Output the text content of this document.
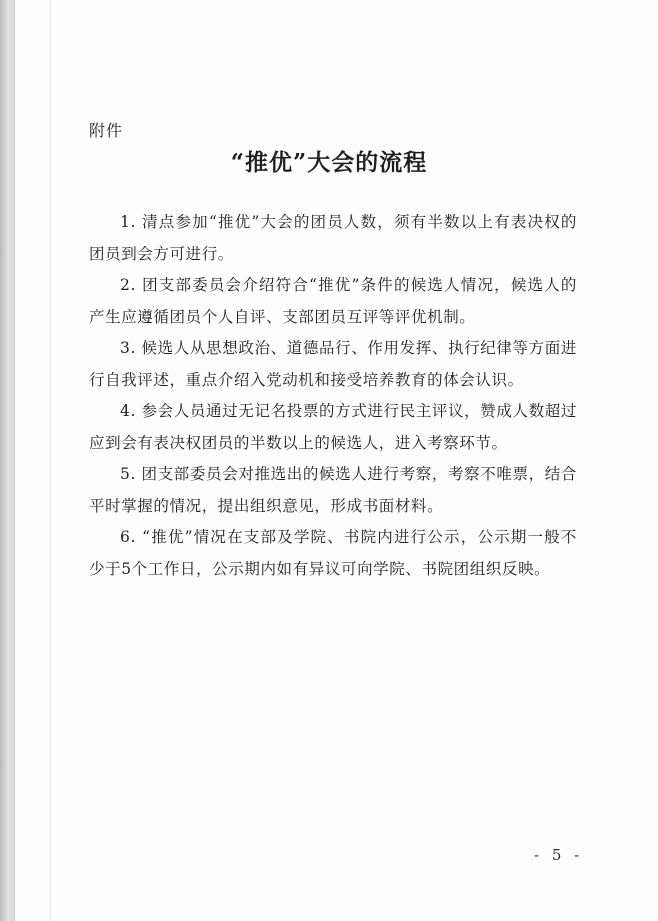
附件
“推优”大会的流程

1. 清点参加“推优”大会的团员人数，须有半数以上有表决权的团员到会方可进行。

2. 团支部委员会介绍符合“推优”条件的候选人情况，候选人的产生应遵循团员个人自评、支部团员互评等评优机制。

3. 候选人从思想政治、道德品行、作用发挥、执行纪律等方面进行自我评述，重点介绍入党动机和接受培养教育的体会认识。

4. 参会人员通过无记名投票的方式进行民主评议，赞成人数超过应到会有表决权团员的半数以上的候选人，进入考察环节。

5. 团支部委员会对推选出的候选人进行考察，考察不唯票，结合平时掌握的情况，提出组织意见，形成书面材料。

6. “推优”情况在支部及学院、书院内进行公示，公示期一般不少于5个工作日，公示期内如有异议可向学院、书院团组织反映。

- 5 -
